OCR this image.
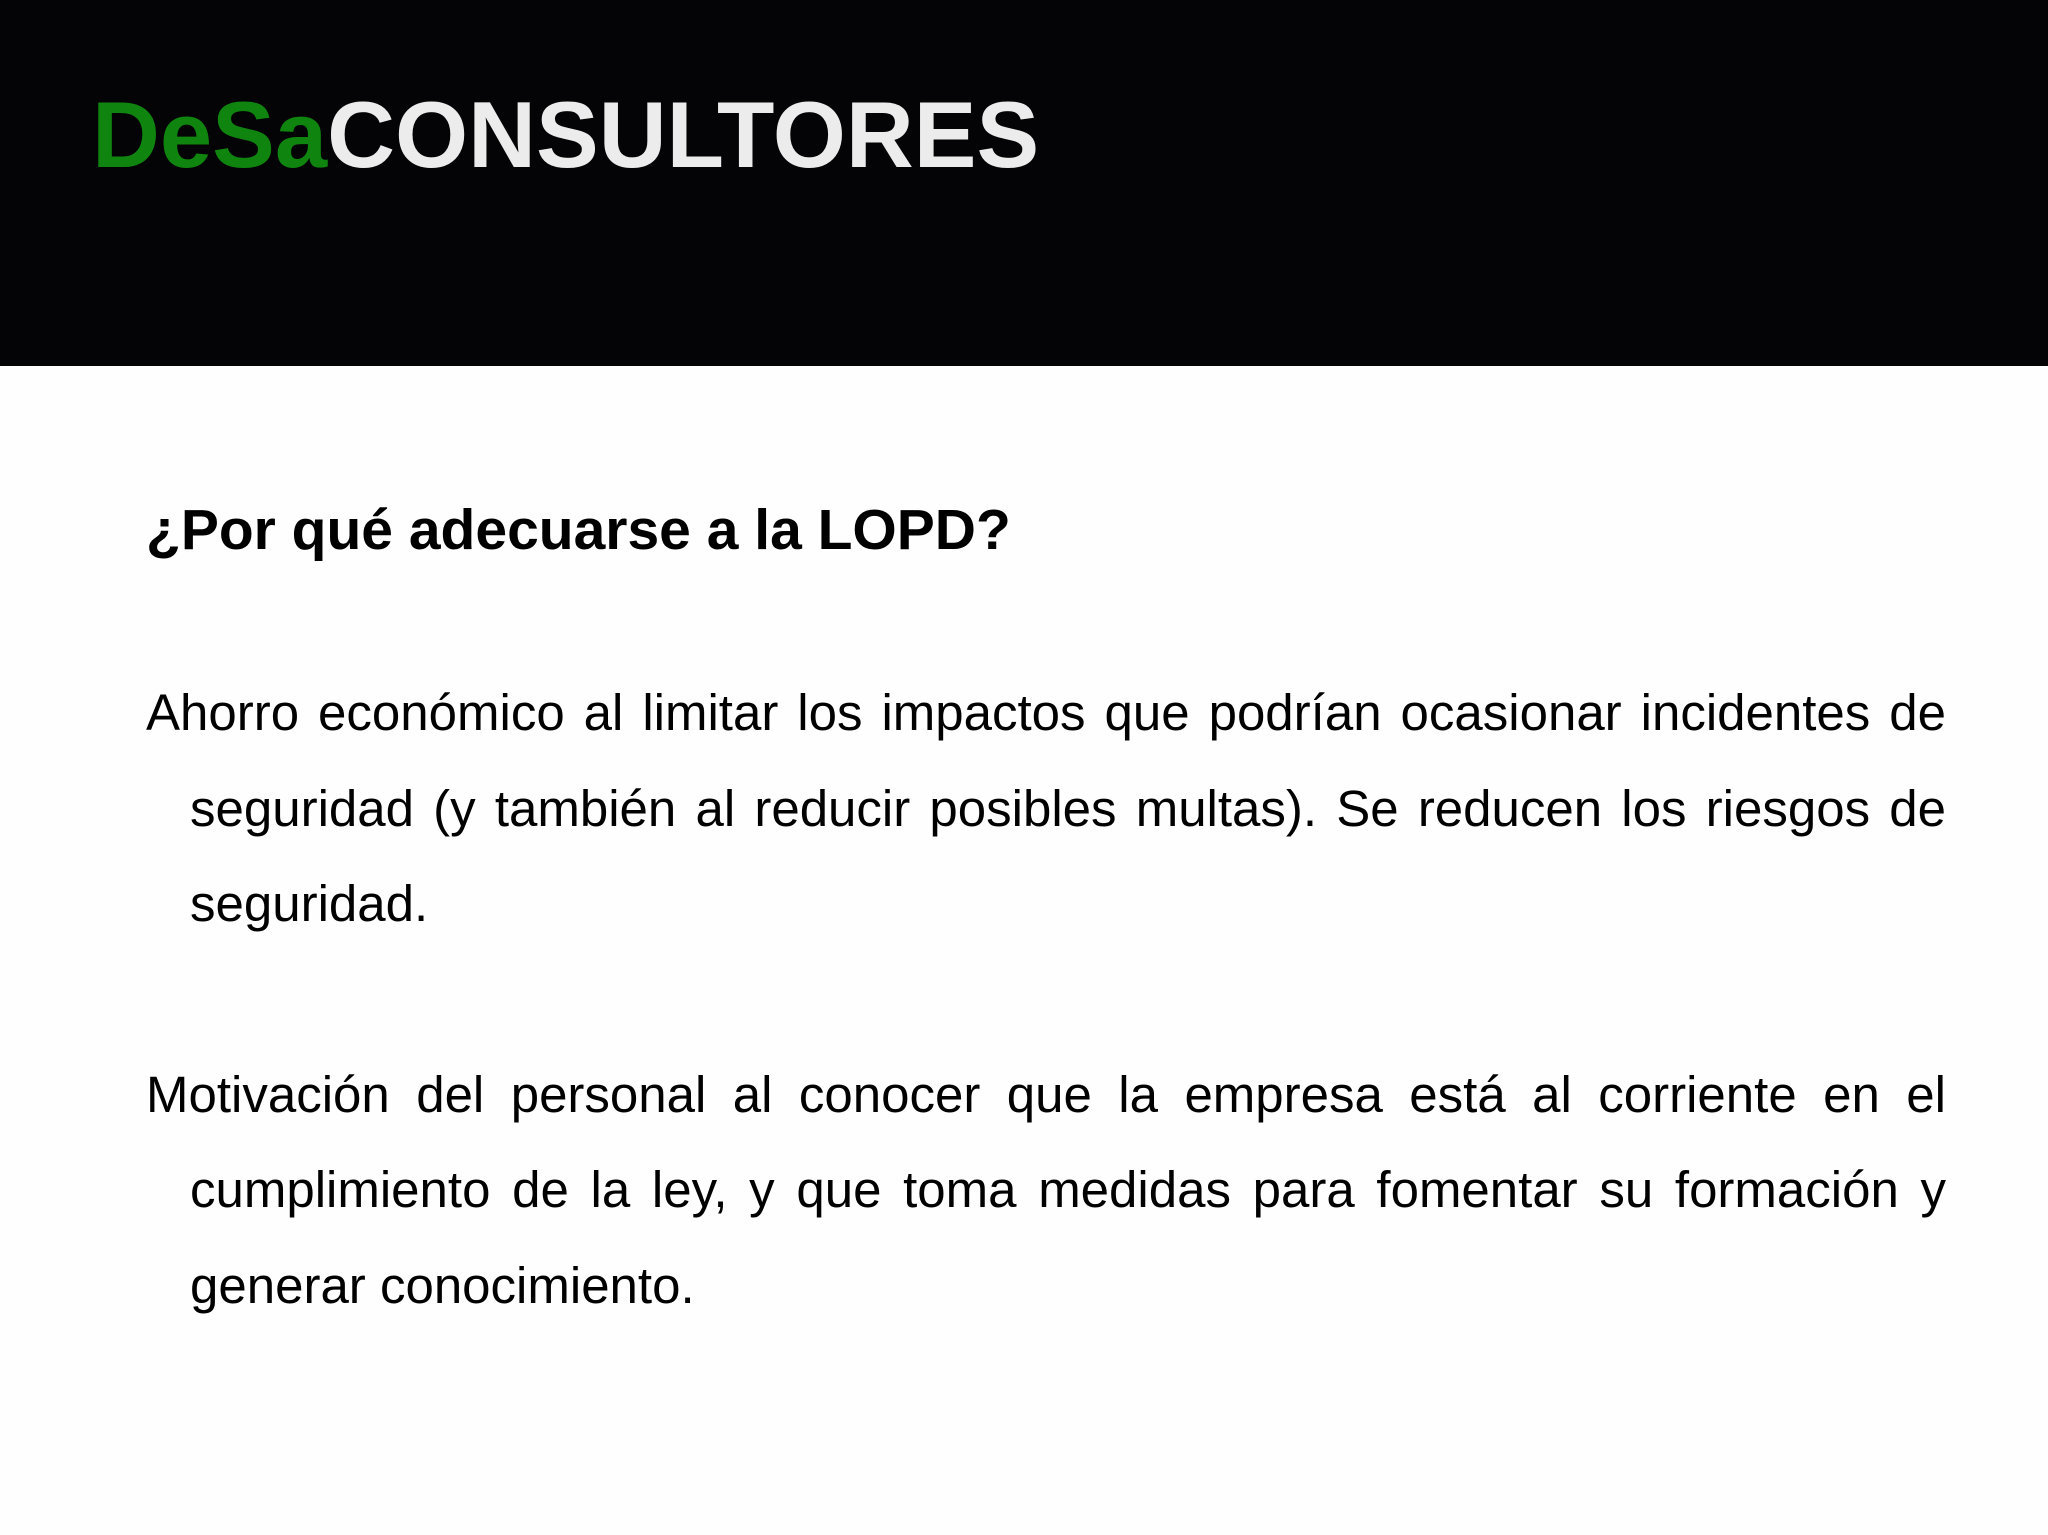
DeSaCONSULTORES
¿Por qué adecuarse a la LOPD?

Ahorro económico al limitar los impactos que podrían ocasionar incidentes de seguridad (y también al reducir posibles multas). Se reducen los riesgos de seguridad.

Motivación del personal al conocer que la empresa está al corriente en el cumplimiento de la ley, y que toma medidas para fomentar su formación y generar conocimiento.
